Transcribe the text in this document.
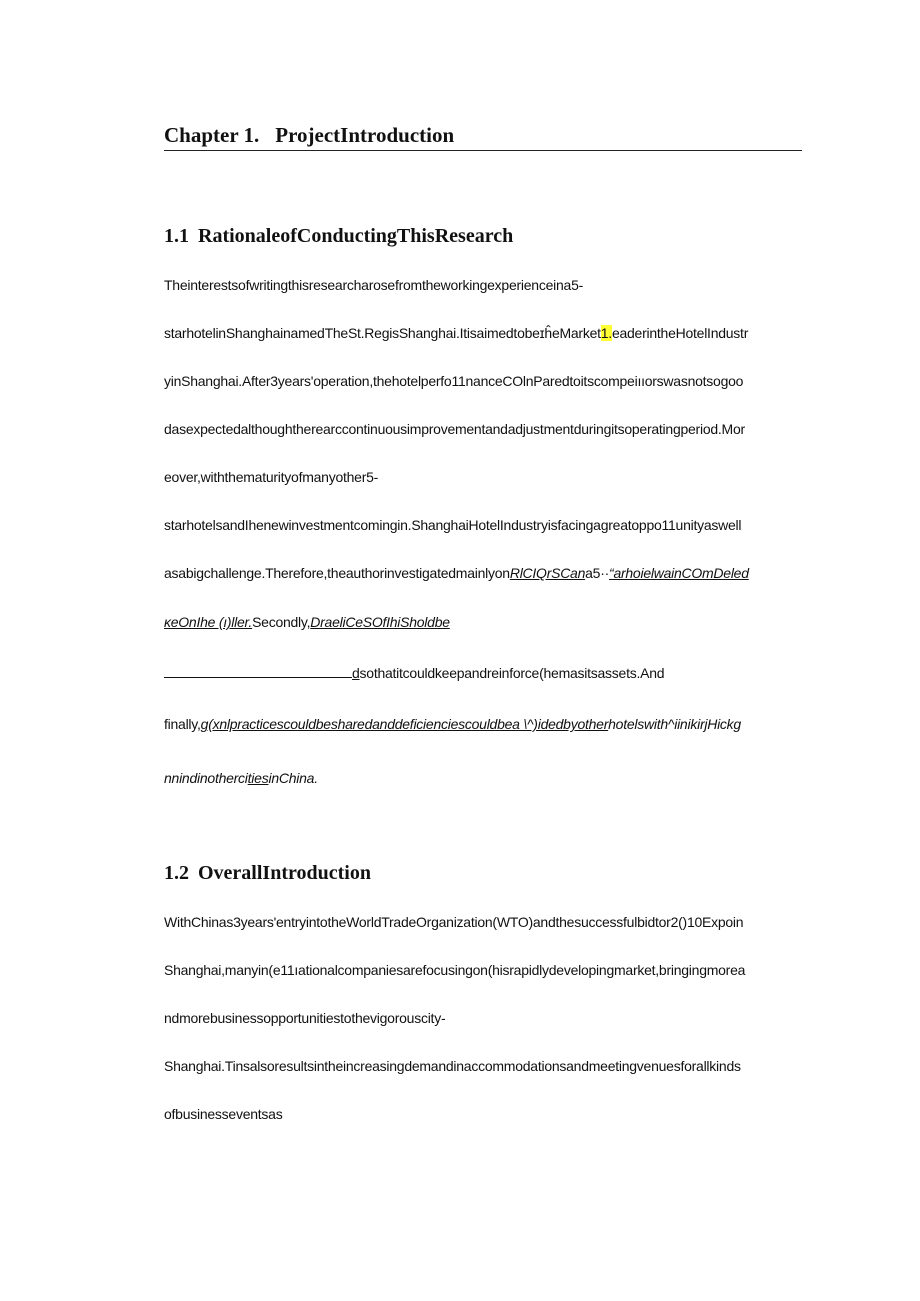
Chapter 1. ProjectIntroduction
1.1 RationaleofConductingThisResearch
Theinterestsofwritingthisresearcharosefromtheworkingexperienceina5-
starhotelinShanghainamedTheSt.RegisShanghai.ItisaimedtobeɪĥeMarket1.eaderintheHotelIndustr
yinShanghai.After3years'operation,thehotelperfo11nanceCOlnParedtoitscompeiııorswasnotsogoo
dasexpectedalthoughtherearccontinuousimprovementandadjustmentduringitsoperatingperiod.Mor
eover,withthematurityofmanyother5-
starhotelsandIhenewinvestmentcomingin.ShanghaiHotelIndustryisfacingagreatoppo11unityaswell
asabigchallenge.Therefore,theauthorinvestigatedmainlyonRlCIQrSCana5··“arhoielwainCOmDeled
κeOnIhe (ı)ller.Secondly,DraeliCeSOfIhiSholdbe
dsothatitcouldkeepandreinforce(hemasitsassets.And
finally,g(xnlpracticescouldbesharedanddeficienciescouldbea \^)idedbyotherhotelswith^iinikirjHickg
nnindinothercitiesinChina.
1.2 OverallIntroduction
WithChinas3years'entryintotheWorldTradeOrganization(WTO)andthesuccessfulbidtor2()10Expoin
Shanghai,manyin(e11ıationalcompaniesarefocusingon(hisrapidlydevelopingmarket,bringingmorea
ndmorebusinessopportunitiestothevigorouscity-
Shanghai.Tinsalsoresultsintheincreasingdemandinaccommodationsandmeetingvenuesforallkinds
ofbusinesseventsas
